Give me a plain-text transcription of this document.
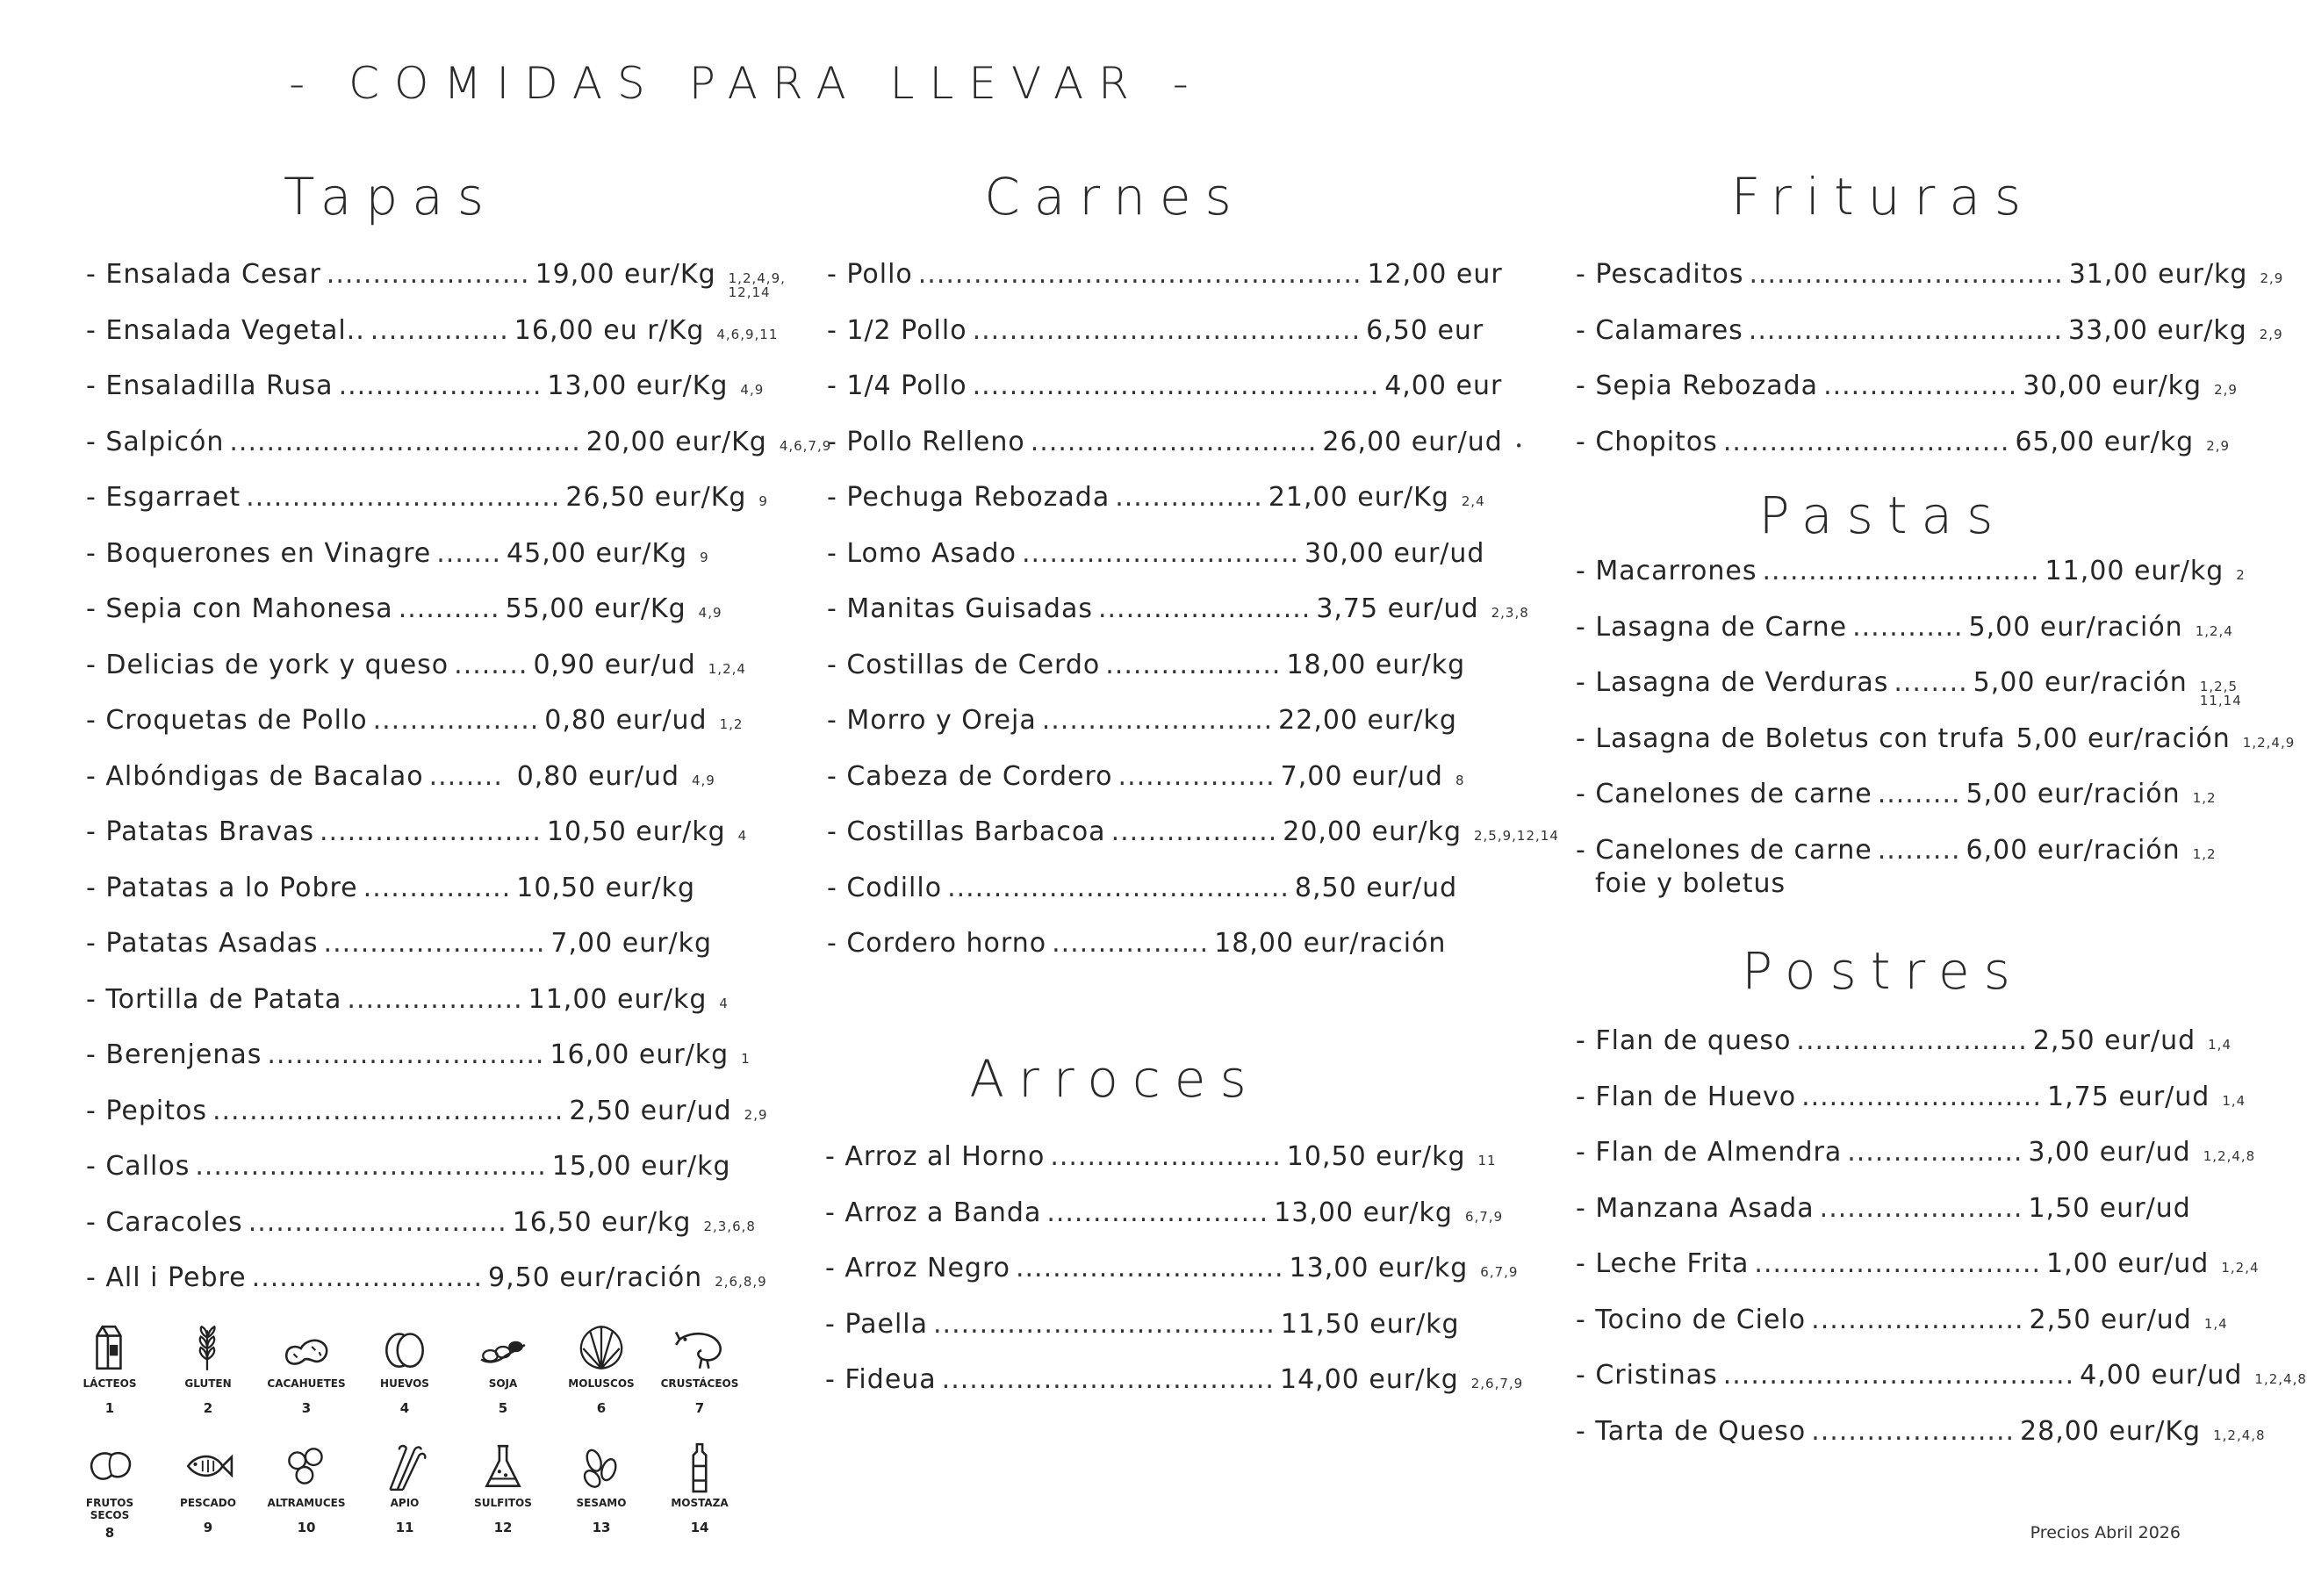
- COMIDAS PARA LLEVAR -
Tapas	Carnes
Arroces
Frituras
Pastas
Postres
- Ensalada Cesar ...................... 19,00 eur/Kg 1,2,4,9, 12,14
- Ensalada Vegetal.. ............... 16,00 eu r/Kg 4,6,9,11
- Ensaladilla Rusa ...................... 13,00 eur/Kg 4,9
- Salpicón ...................................... 20,00 eur/Kg 4,6,7,9
- Esgarraet .................................. 26,50 eur/Kg 9
- Boquerones en Vinagre ....... 45,00 eur/Kg 9
- Sepia con Mahonesa ........... 55,00 eur/Kg 4,9
- Delicias de york y queso ........ 0,90 eur/ud 1,2,4
- Croquetas de Pollo .................. 0,80 eur/ud 1,2
- Albóndigas de Bacalao ........ 0,80 eur/ud 4,9
- Patatas Bravas ........................ 10,50 eur/kg 4
- Patatas a lo Pobre ................ 10,50 eur/kg
- Patatas Asadas ........................ 7,00 eur/kg
- Tortilla de Patata ................... 11,00 eur/kg 4
- Berenjenas .............................. 16,00 eur/kg 1
- Pepitos ...................................... 2,50 eur/ud 2,9
- Callos ...................................... 15,00 eur/kg
- Caracoles ............................ 16,50 eur/kg 2,3,6,8
- All i Pebre ......................... 9,50 eur/ración 2,6,8,9
- Pollo ................................................ 12,00 eur
- 1/2 Pollo .......................................... 6,50 eur
- 1/4 Pollo ............................................ 4,00 eur
- Pollo Relleno ............................... 26,00 eur/ud •
- Pechuga Rebozada ................ 21,00 eur/Kg 2,4
- Lomo Asado .............................. 30,00 eur/ud
- Manitas Guisadas ....................... 3,75 eur/ud 2,3,8
- Costillas de Cerdo ................... 18,00 eur/kg
- Morro y Oreja ......................... 22,00 eur/kg
- Cabeza de Cordero ................. 7,00 eur/ud 8
- Costillas Barbacoa .................. 20,00 eur/kg 2,5,9,12,14
- Codillo ..................................... 8,50 eur/ud
- Cordero horno ................. 18,00 eur/ración
- Arroz al Horno ......................... 10,50 eur/kg 11
- Arroz a Banda ........................ 13,00 eur/kg 6,7,9
- Arroz Negro ............................. 13,00 eur/kg 6,7,9
- Paella ..................................... 11,50 eur/kg
- Fideua .................................... 14,00 eur/kg 2,6,7,9
- Pescaditos .................................. 31,00 eur/kg 2,9
- Calamares .................................. 33,00 eur/kg 2,9
- Sepia Rebozada ..................... 30,00 eur/kg 2,9
- Chopitos ............................... 65,00 eur/kg 2,9
- Macarrones .............................. 11,00 eur/kg 2
- Lasagna de Carne ............ 5,00 eur/ración 1,2,4
- Lasagna de Verduras ........ 5,00 eur/ración 1,2,5 11,14
- Lasagna de Boletus con trufa 5,00 eur/ración 1,2,4,9
- Canelones de carne ......... 5,00 eur/ración 1,2
- Canelones de carne ......... 6,00 eur/ración 1,2
foie y boletus
- Flan de queso ......................... 2,50 eur/ud 1,4
- Flan de Huevo .......................... 1,75 eur/ud 1,4
- Flan de Almendra ................... 3,00 eur/ud 1,2,4,8
- Manzana Asada ...................... 1,50 eur/ud
- Leche Frita ............................... 1,00 eur/ud 1,2,4
- Tocino de Cielo ....................... 2,50 eur/ud 1,4
- Cristinas ...................................... 4,00 eur/ud 1,2,4,8
- Tarta de Queso ...................... 28,00 eur/Kg 1,2,4,8
LÁCTEOS
1
GLUTEN
2
CACAHUETES
3
HUEVOS
4
SOJA
5
MOLUSCOS
6
CRUSTÁCEOS
7
FRUTOS SECOS
8
PESCADO
9
ALTRAMUCES
10
APIO
11
SULFITOS
12
SESAMO
13
MOSTAZA
14	Precios Abril 2026
